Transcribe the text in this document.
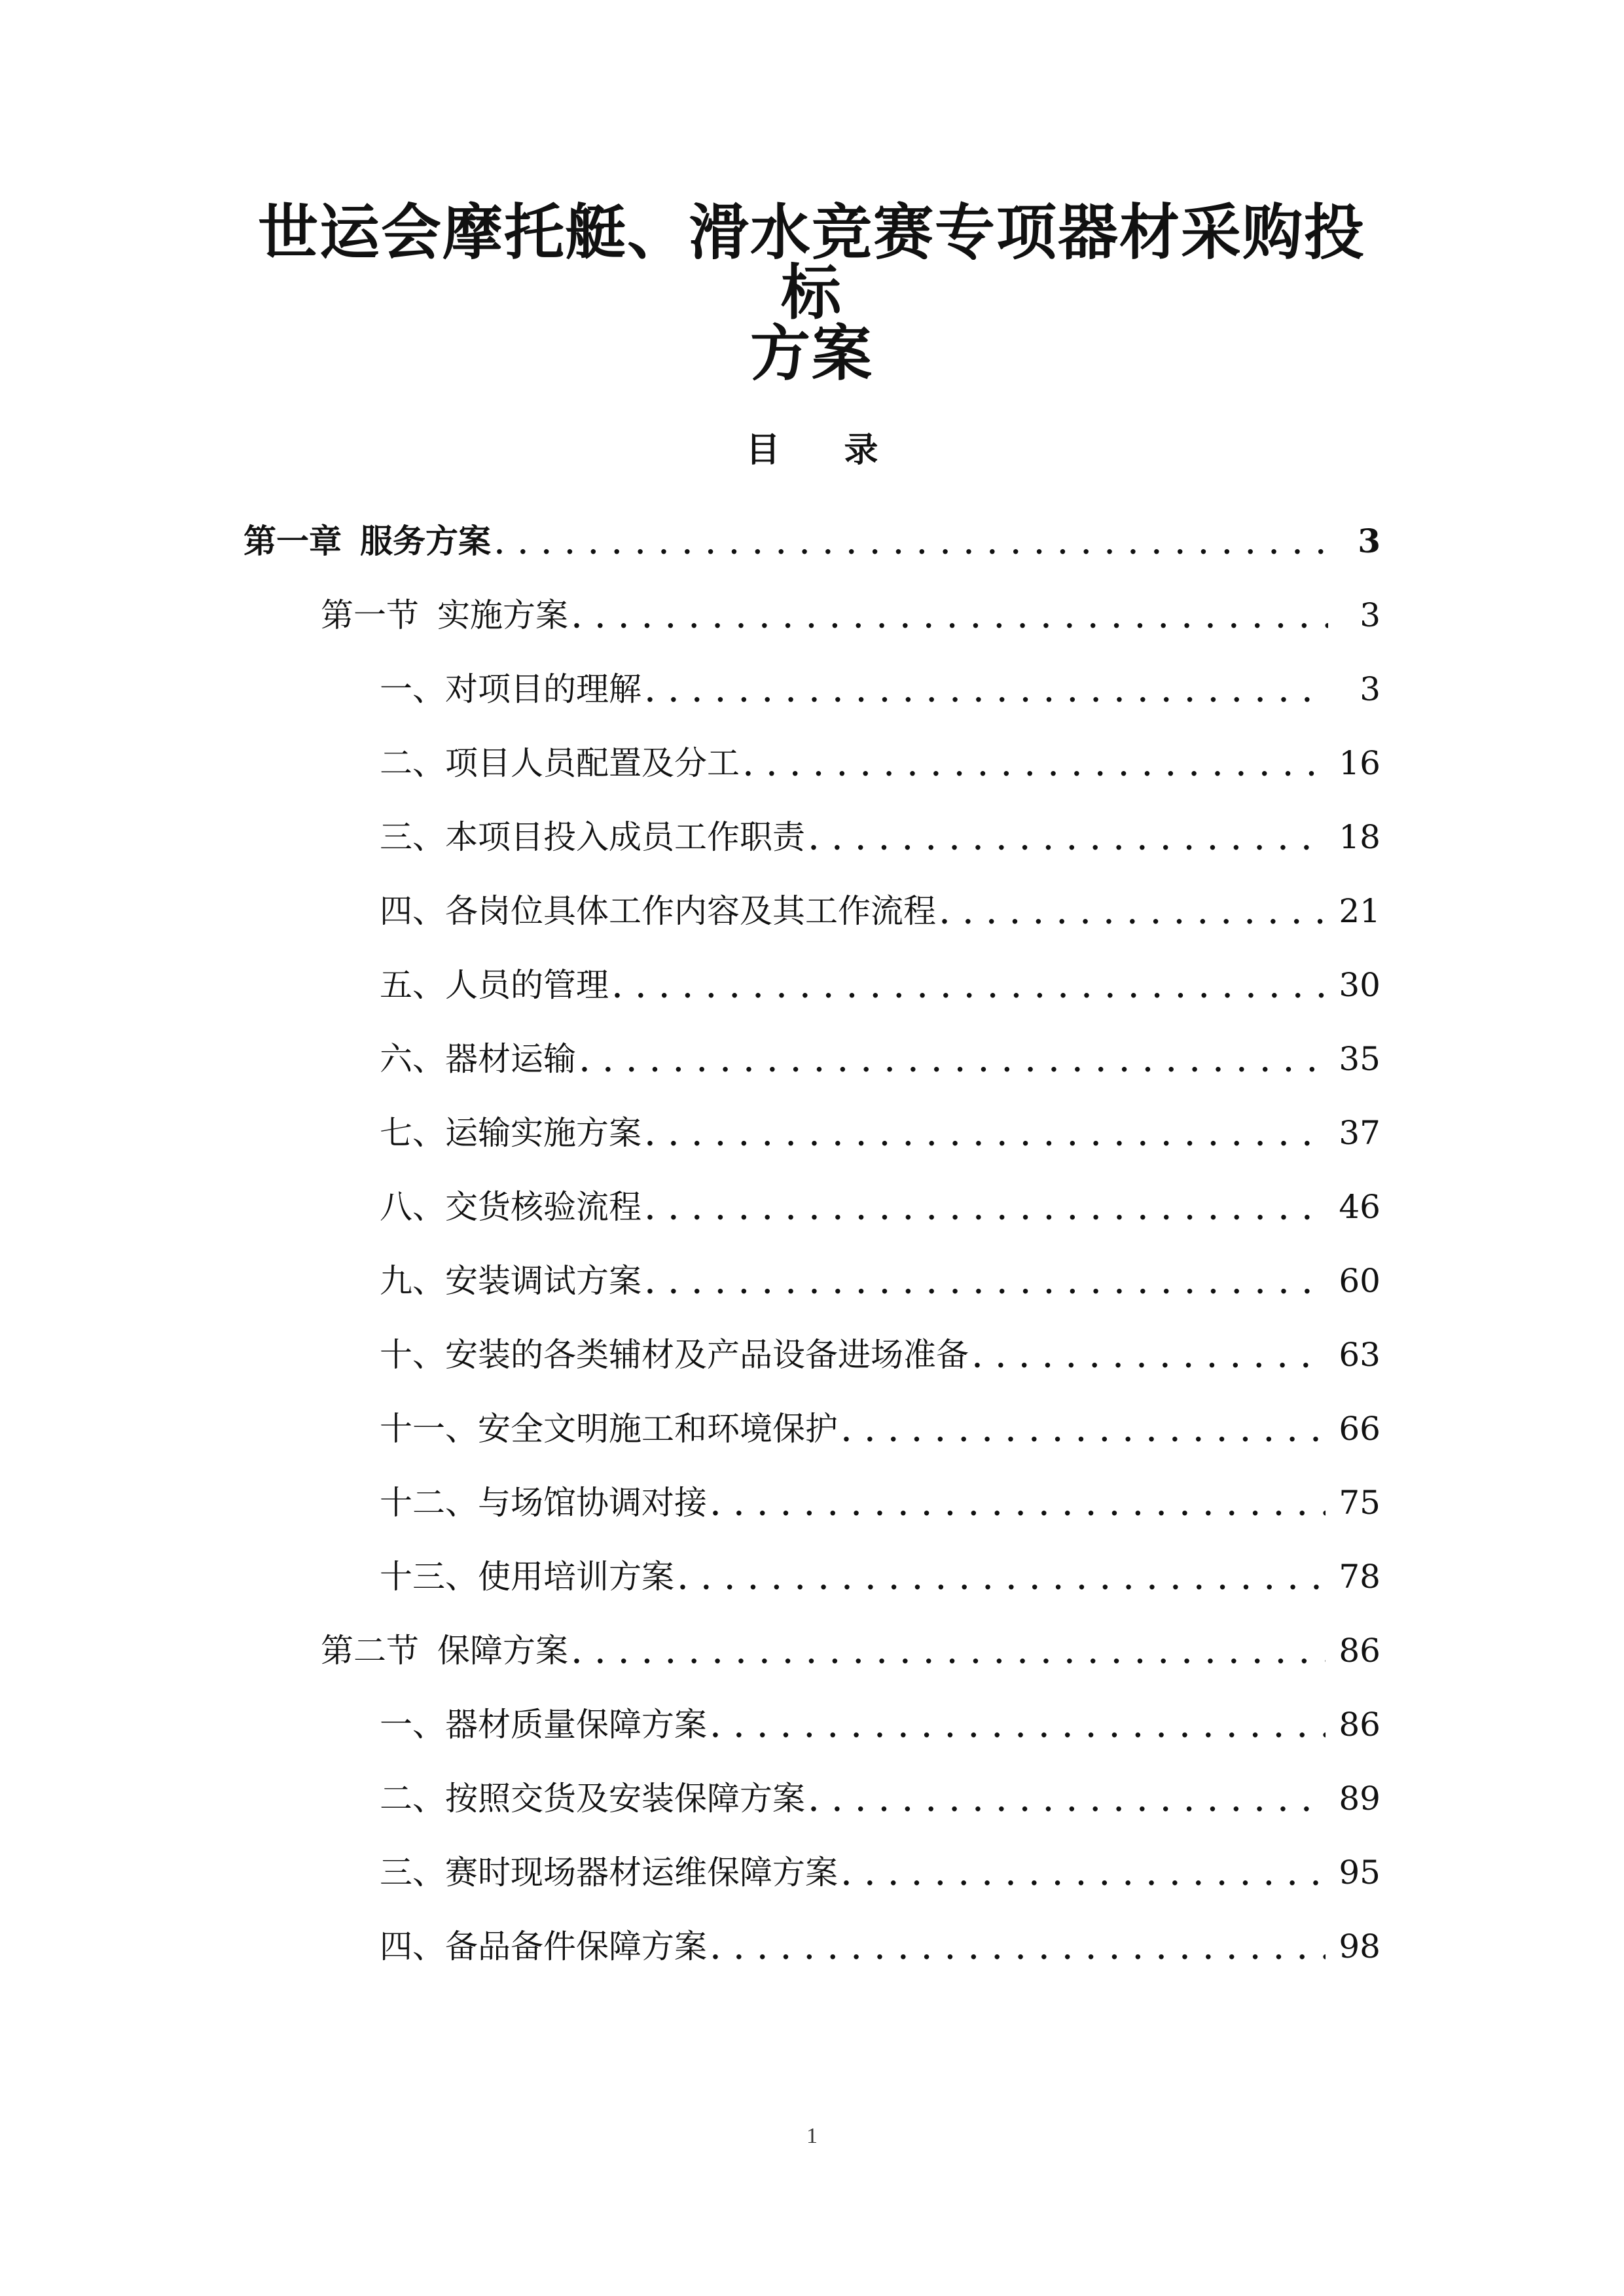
世运会摩托艇、滑水竞赛专项器材采购投标
方案
目 录
第一章 服务方案 . . .	3
第一节 实施方案 . . .	3
一、对项目的理解 . . .	3
二、项目人员配置及分工 . . .	16
三、本项目投入成员工作职责 . . .	18
四、各岗位具体工作内容及其工作流程 . . .	21
五、人员的管理 . . .	30
六、器材运输 . . .	35
七、运输实施方案 . . .	37
八、交货核验流程 . . .	46
九、安装调试方案 . . .	60
十、安装的各类辅材及产品设备进场准备 . . .	63
十一、安全文明施工和环境保护 . . .	66
十二、与场馆协调对接 . . .	75
十三、使用培训方案 . . .	78
第二节 保障方案 . . .	86
一、器材质量保障方案 . . .	86
二、按照交货及安装保障方案 . . .	89
三、赛时现场器材运维保障方案 . . .	95
四、备品备件保障方案 . . .	98
1
